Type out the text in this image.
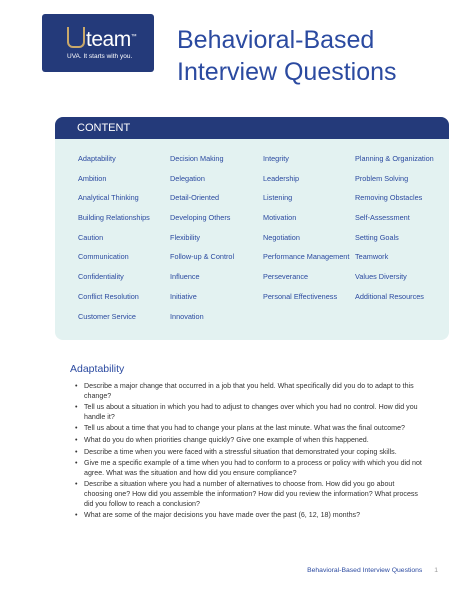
team™
UVA. It starts with you.
Behavioral-Based
Interview Questions
CONTENT
Adaptability
Ambition
Analytical Thinking
Building Relationships
Caution
Communication
Confidentiality
Conflict Resolution
Customer Service
Decision Making
Delegation
Detail-Oriented
Developing Others
Flexibility
Follow-up & Control
Influence
Initiative
Innovation
Integrity
Leadership
Listening
Motivation
Negotiation
Performance Management
Perseverance
Personal Effectiveness
Planning & Organization
Problem Solving
Removing Obstacles
Self-Assessment
Setting Goals
Teamwork
Values Diversity
Additional Resources
Adaptability
• Describe a major change that occurred in a job that you held. What specifically did you do to adapt to this change?
• Tell us about a situation in which you had to adjust to changes over which you had no control. How did you handle it?
• Tell us about a time that you had to change your plans at the last minute. What was the final outcome?
• What do you do when priorities change quickly? Give one example of when this happened.
• Describe a time when you were faced with a stressful situation that demonstrated your coping skills.
• Give me a specific example of a time when you had to conform to a process or policy with which you did not agree. What was the situation and how did you ensure compliance?
• Describe a situation where you had a number of alternatives to choose from. How did you go about choosing one? How did you assemble the information? How did you review the information? What process did you follow to reach a conclusion?
• What are some of the major decisions you have made over the past (6, 12, 18) months?
Behavioral-Based Interview Questions 1
